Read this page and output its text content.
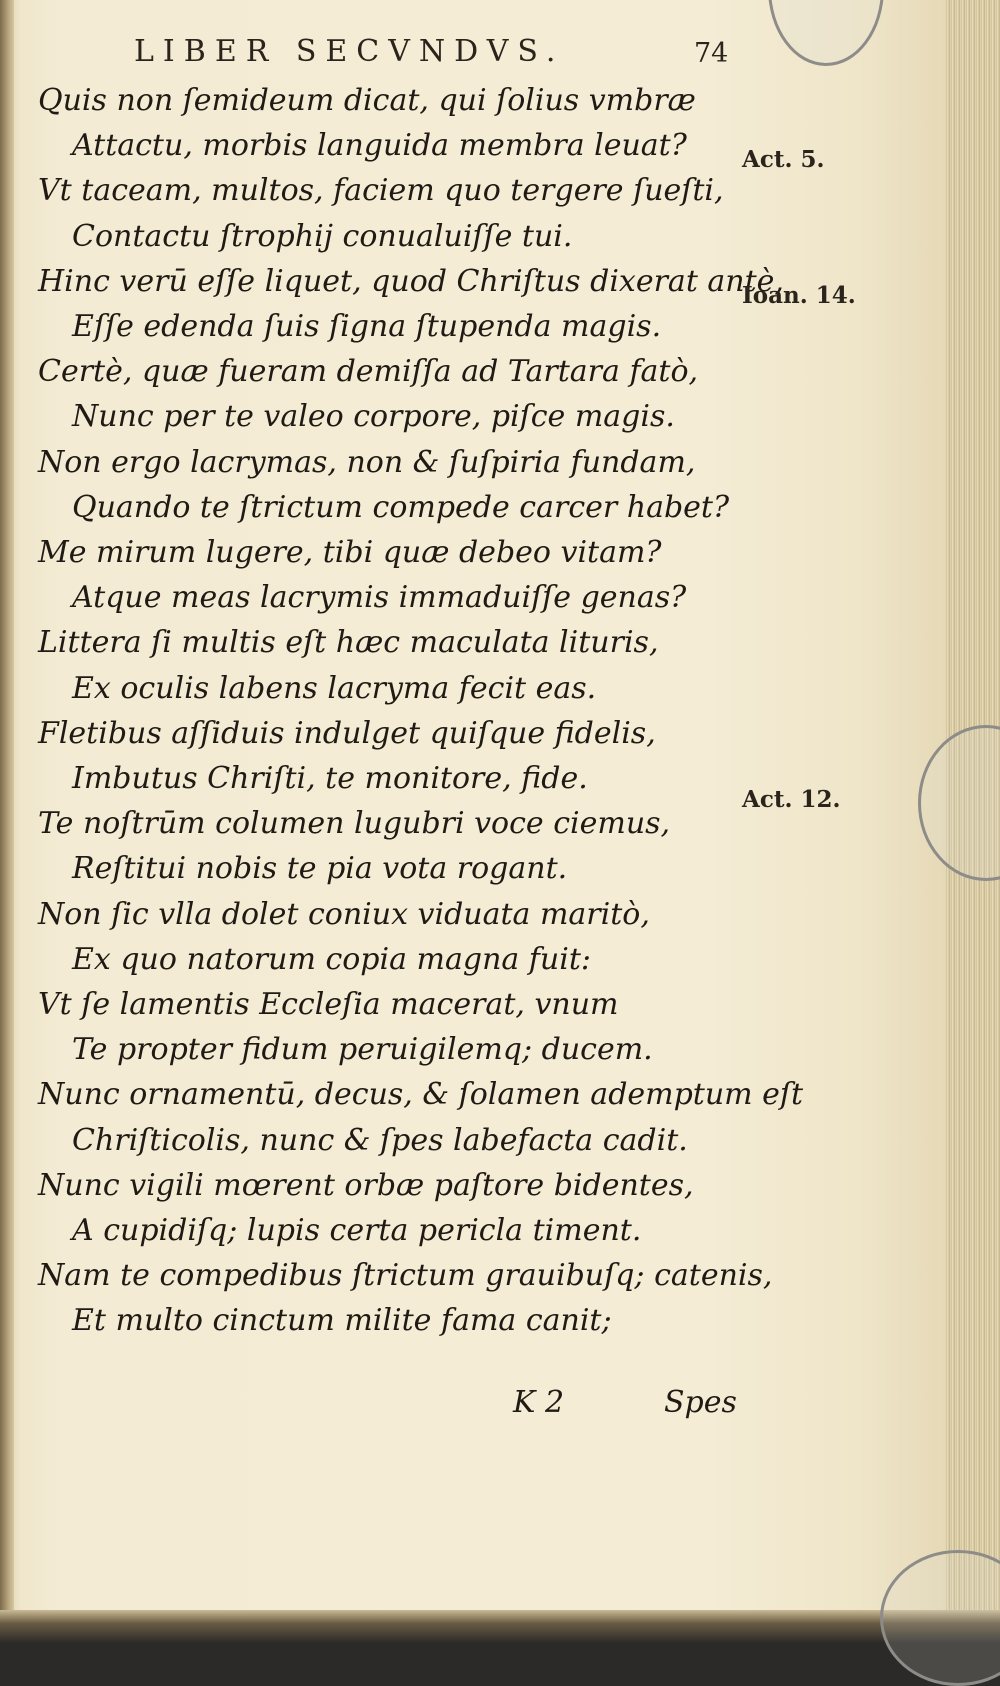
LIBER SECVNDVS.	74
Quis non ſemideum dicat, qui ſolius vmbræ
Attactu, morbis languida membra leuat?
Vt taceam, multos, faciem quo tergere ſueſti,
Contactu ſtrophij conualuiſſe tui.
Hinc verū eſſe liquet, quod Chriſtus dixerat antè,
Eſſe edenda ſuis ſigna ſtupenda magis.
Certè, quæ fueram demiſſa ad Tartara fatò,
Nunc per te valeo corpore, piſce magis.
Non ergo lacrymas, non & ſuſpiria fundam,
Quando te ſtrictum compede carcer habet?
Me mirum lugere, tibi quæ debeo vitam?
Atque meas lacrymis immaduiſſe genas?
Littera ſi multis eſt hæc maculata lituris,
Ex oculis labens lacryma fecit eas.
Fletibus aſſiduis indulget quiſque fidelis,
Imbutus Chriſti, te monitore, fide.
Te noſtrūm columen lugubri voce ciemus,
Reſtitui nobis te pia vota rogant.
Non ſic vlla dolet coniux viduata maritò,
Ex quo natorum copia magna fuit:
Vt ſe lamentis Eccleſia macerat, vnum
Te propter fidum peruigilemq; ducem.
Nunc ornamentū, decus, & ſolamen ademptum eſt
Chriſticolis, nunc & ſpes labefacta cadit.
Nunc vigili mœrent orbæ paſtore bidentes,
A cupidiſq; lupis certa pericla timent.
Nam te compedibus ſtrictum grauibuſq; catenis,
Et multo cinctum milite fama canit;
Act. 5.
Ioan. 14.
Act. 12.
K 2	Spes
